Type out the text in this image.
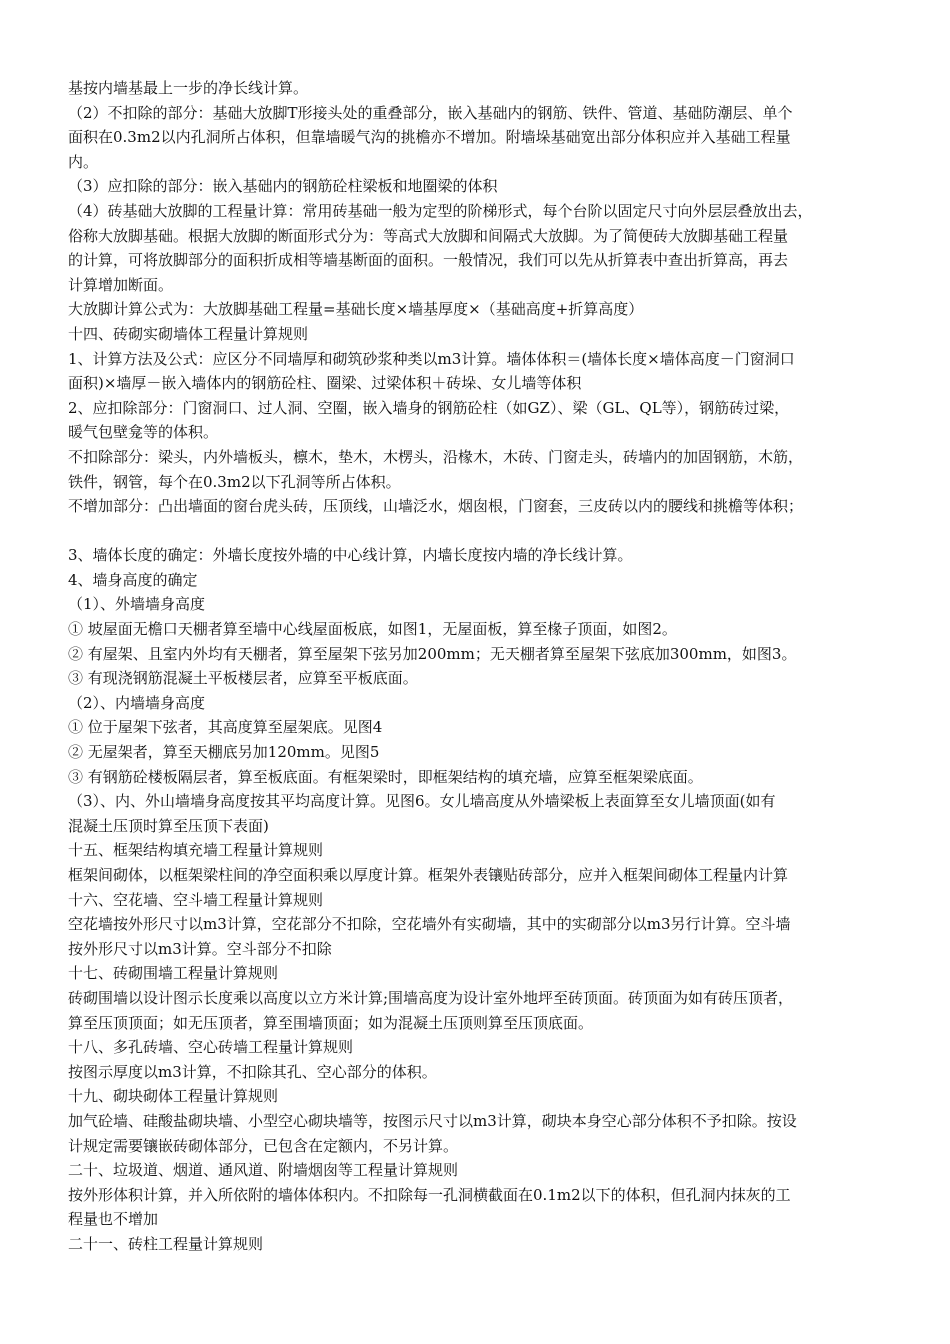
基按内墙基最上一步的净长线计算。
（2）不扣除的部分：基础大放脚T形接头处的重叠部分，嵌入基础内的钢筋、铁件、管道、基础防潮层、单个
面积在0.3m2以内孔洞所占体积，但靠墙暖气沟的挑檐亦不增加。附墙垛基础宽出部分体积应并入基础工程量
内。
（3）应扣除的部分：嵌入基础内的钢筋砼柱梁板和地圈梁的体积
（4）砖基础大放脚的工程量计算：常用砖基础一般为定型的阶梯形式，每个台阶以固定尺寸向外层层叠放出去，
俗称大放脚基础。根据大放脚的断面形式分为：等高式大放脚和间隔式大放脚。为了简便砖大放脚基础工程量
的计算，可将放脚部分的面积折成相等墙基断面的面积。一般情况，我们可以先从折算表中查出折算高，再去
计算增加断面。
大放脚计算公式为：大放脚基础工程量=基础长度×墙基厚度×（基础高度+折算高度）
十四、砖砌实砌墙体工程量计算规则
1、计算方法及公式：应区分不同墙厚和砌筑砂浆种类以m3计算。墙体体积＝(墙体长度×墙体高度－门窗洞口
面积)×墙厚－嵌入墙体内的钢筋砼柱、圈梁、过梁体积＋砖垛、女儿墙等体积
2、应扣除部分：门窗洞口、过人洞、空圈，嵌入墙身的钢筋砼柱（如GZ）、梁（GL、QL等），钢筋砖过梁，
暖气包壁龛等的体积。
不扣除部分：梁头，内外墙板头，檩木，垫木，木楞头，沿椽木，木砖、门窗走头，砖墙内的加固钢筋，木筋，
铁件，钢管，每个在0.3m2以下孔洞等所占体积。
不增加部分：凸出墙面的窗台虎头砖，压顶线，山墙泛水，烟囱根，门窗套，三皮砖以内的腰线和挑檐等体积；
3、墙体长度的确定：外墙长度按外墙的中心线计算，内墙长度按内墙的净长线计算。
4、墙身高度的确定
（1）、外墙墙身高度
① 坡屋面无檐口天棚者算至墙中心线屋面板底，如图1，无屋面板，算至椽子顶面，如图2。
② 有屋架、且室内外均有天棚者，算至屋架下弦另加200mm；无天棚者算至屋架下弦底加300mm，如图3。
③ 有现浇钢筋混凝土平板楼层者，应算至平板底面。
（2）、内墙墙身高度
① 位于屋架下弦者，其高度算至屋架底。见图4
② 无屋架者，算至天棚底另加120mm。见图5
③ 有钢筋砼楼板隔层者，算至板底面。有框架梁时，即框架结构的填充墙，应算至框架梁底面。
（3）、内、外山墙墙身高度按其平均高度计算。见图6。女儿墙高度从外墙梁板上表面算至女儿墙顶面(如有
混凝土压顶时算至压顶下表面)
十五、框架结构填充墙工程量计算规则
框架间砌体，以框架梁柱间的净空面积乘以厚度计算。框架外表镶贴砖部分，应并入框架间砌体工程量内计算
十六、空花墙、空斗墙工程量计算规则
空花墙按外形尺寸以m3计算，空花部分不扣除，空花墙外有实砌墙，其中的实砌部分以m3另行计算。空斗墙
按外形尺寸以m3计算。空斗部分不扣除
十七、砖砌围墙工程量计算规则
砖砌围墙以设计图示长度乘以高度以立方米计算;围墙高度为设计室外地坪至砖顶面。砖顶面为如有砖压顶者，
算至压顶顶面；如无压顶者，算至围墙顶面；如为混凝土压顶则算至压顶底面。
十八、多孔砖墙、空心砖墙工程量计算规则
按图示厚度以m3计算，不扣除其孔、空心部分的体积。
十九、砌块砌体工程量计算规则
加气砼墙、硅酸盐砌块墙、小型空心砌块墙等，按图示尺寸以m3计算，砌块本身空心部分体积不予扣除。按设
计规定需要镶嵌砖砌体部分，已包含在定额内，不另计算。
二十、垃圾道、烟道、通风道、附墙烟囱等工程量计算规则
按外形体积计算，并入所依附的墙体体积内。不扣除每一孔洞横截面在0.1m2以下的体积，但孔洞内抹灰的工
程量也不增加
二十一、砖柱工程量计算规则
